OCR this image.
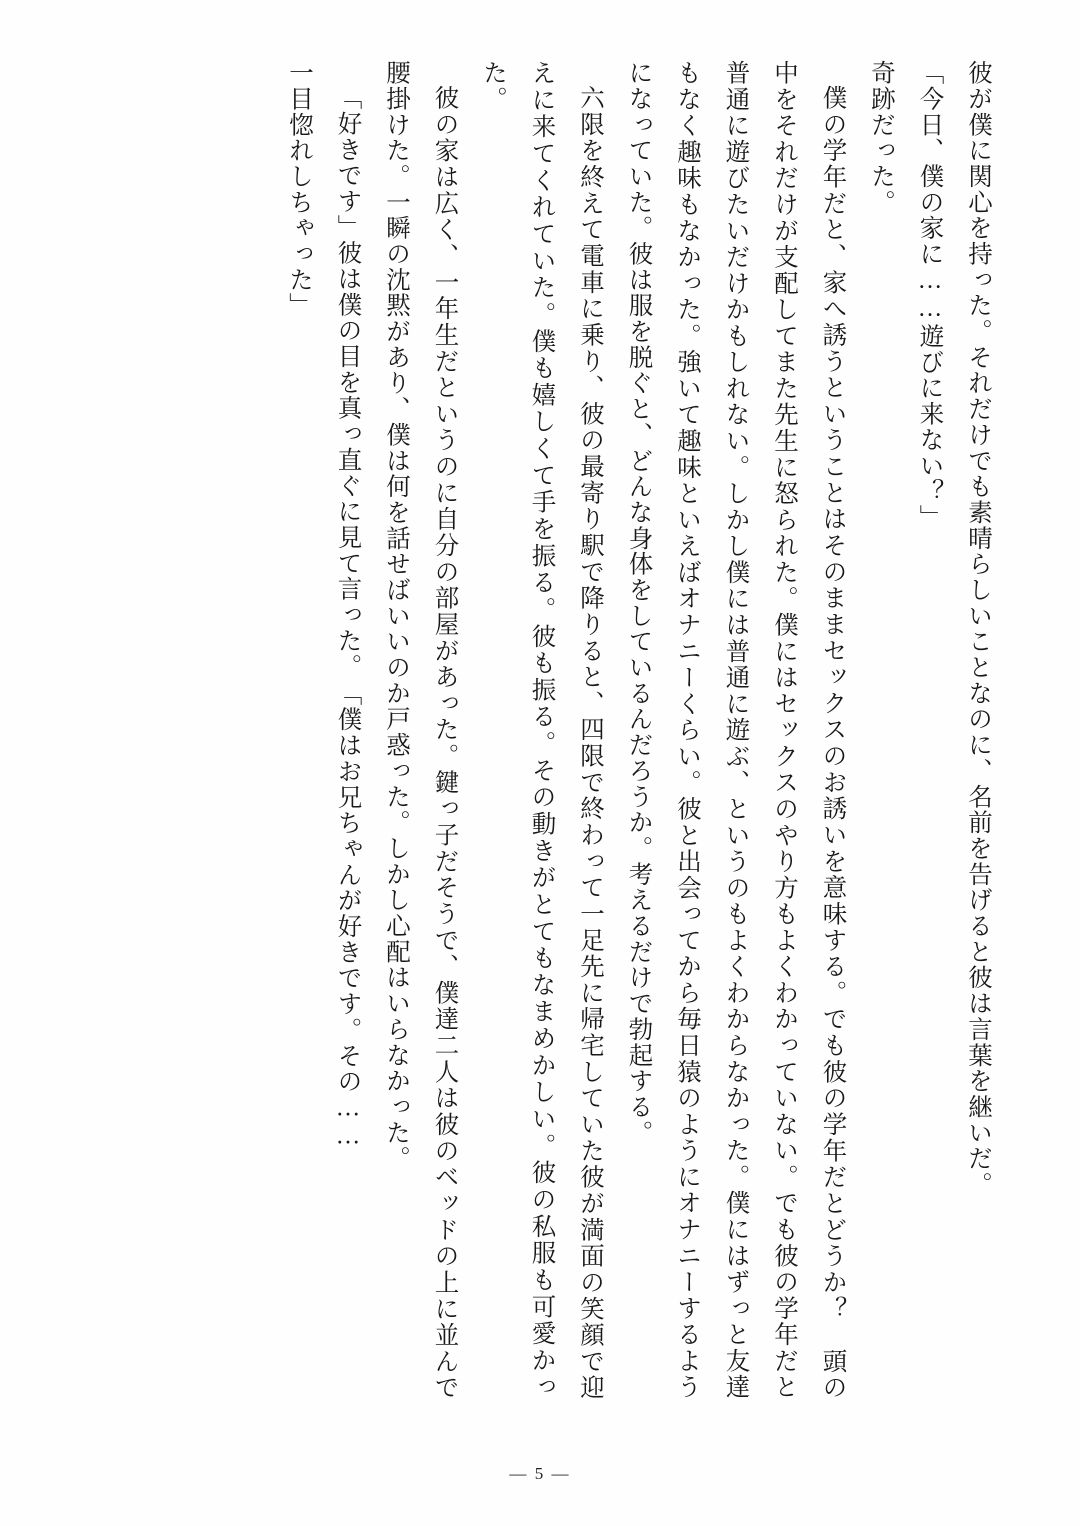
彼が僕に関心を持った。それだけでも素晴らしいことなのに、名前を告げると彼は言葉を継いだ。

「今日、僕の家に……遊びに来ない？」

奇跡だった。

僕の学年だと、家へ誘うということはそのままセックスのお誘いを意味する。でも彼の学年だとどうか？　頭の中をそれだけが支配してまた先生に怒られた。僕にはセックスのやり方もよくわかっていない。でも彼の学年だと普通に遊びたいだけかもしれない。しかし僕には普通に遊ぶ、というのもよくわからなかった。僕にはずっと友達もなく趣味もなかった。強いて趣味といえばオナニーくらい。彼と出会ってから毎日猿のようにオナニーするようになっていた。彼は服を脱ぐと、どんな身体をしているんだろうか。考えるだけで勃起する。

六限を終えて電車に乗り、彼の最寄り駅で降りると、四限で終わって一足先に帰宅していた彼が満面の笑顔で迎えに来てくれていた。僕も嬉しくて手を振る。彼も振る。その動きがとてもなまめかしい。彼の私服も可愛かった。

彼の家は広く、一年生だというのに自分の部屋があった。鍵っ子だそうで、僕達二人は彼のベッドの上に並んで腰掛けた。一瞬の沈黙があり、僕は何を話せばいいのか戸惑った。しかし心配はいらなかった。

「好きです」彼は僕の目を真っ直ぐに見て言った。　「僕はお兄ちゃんが好きです。その……

一目惚れしちゃった」

― 5 ―
